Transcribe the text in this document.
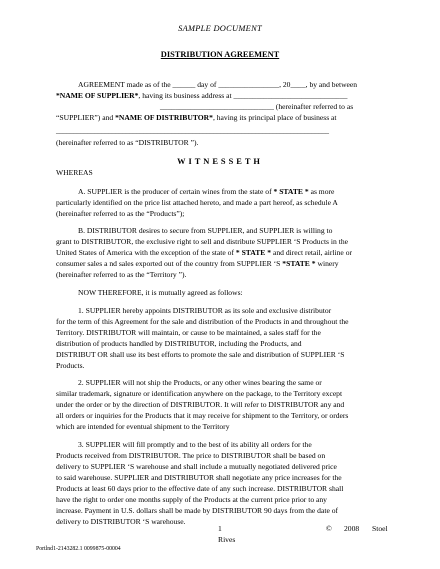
SAMPLE DOCUMENT
DISTRIBUTION AGREEMENT
AGREEMENT made as of the ______ day of ________________, 20____, by and between
*NAME OF SUPPLIER*, having its business address at ______________________________
______________________________ (hereinafter referred to as
“SUPPLIER”) and *NAME OF DISTRIBUTOR*, having its principal place of business at
______________________________________________________________________________
(hereinafter referred to as “DISTRIBUTOR ”).
WITNESSETH
WHEREAS
A. SUPPLIER is the producer of certain wines from the state of * STATE * as more
particularly identified on the price list attached hereto, and made a part hereof, as schedule A
(hereinafter referred to as the “Products”);
B. DISTRIBUTOR desires to secure from SUPPLIER, and SUPPLIER is willing to
grant to DISTRIBUTOR, the exclusive right to sell and distribute SUPPLIER ‘S Products in the
United States of America with the exception of the state of * STATE * and direct retail, airline or
consumer sales a nd sales exported out of the country from SUPPLIER ‘S *STATE * winery
(hereinafter referred to as the “Territory ”).
NOW THEREFORE, it is mutually agreed as follows:
1. SUPPLIER hereby appoints DISTRIBUTOR as its sole and exclusive distributor
for the term of this Agreement for the sale and distribution of the Products in and throughout the
Territory. DISTRIBUTOR will maintain, or cause to be maintained, a sales staff for the
distribution of products handled by DISTRIBUTOR, including the Products, and
DISTRIBUT OR shall use its best efforts to promote the sale and distribution of SUPPLIER ‘S
Products.
2. SUPPLIER will not ship the Products, or any other wines bearing the same or
similar trademark, signature or identification anywhere on the package, to the Territory except
under the order or by the direction of DISTRIBUTOR. It will refer to DISTRIBUTOR any and
all orders or inquiries for the Products that it may receive for shipment to the Territory, or orders
which are intended for eventual shipment to the Territory
3. SUPPLIER will fill promptly and to the best of its ability all orders for the
Products received from DISTRIBUTOR. The price to DISTRIBUTOR shall be based on
delivery to SUPPLIER ‘S warehouse and shall include a mutually negotiated delivered price
to said warehouse. SUPPLIER and DISTRIBUTOR shall negotiate any price increases for the
Products at least 60 days prior to the effective date of any such increase. DISTRIBUTOR shall
have the right to order one months supply of the Products at the current price prior to any
increase. Payment in U.S. dollars shall be made by DISTRIBUTOR 90 days from the date of
delivery to DISTRIBUTOR ‘S warehouse.
1	© 2008 Stoel
Rives
Portlnd1-2143282.1 0099875-00004
